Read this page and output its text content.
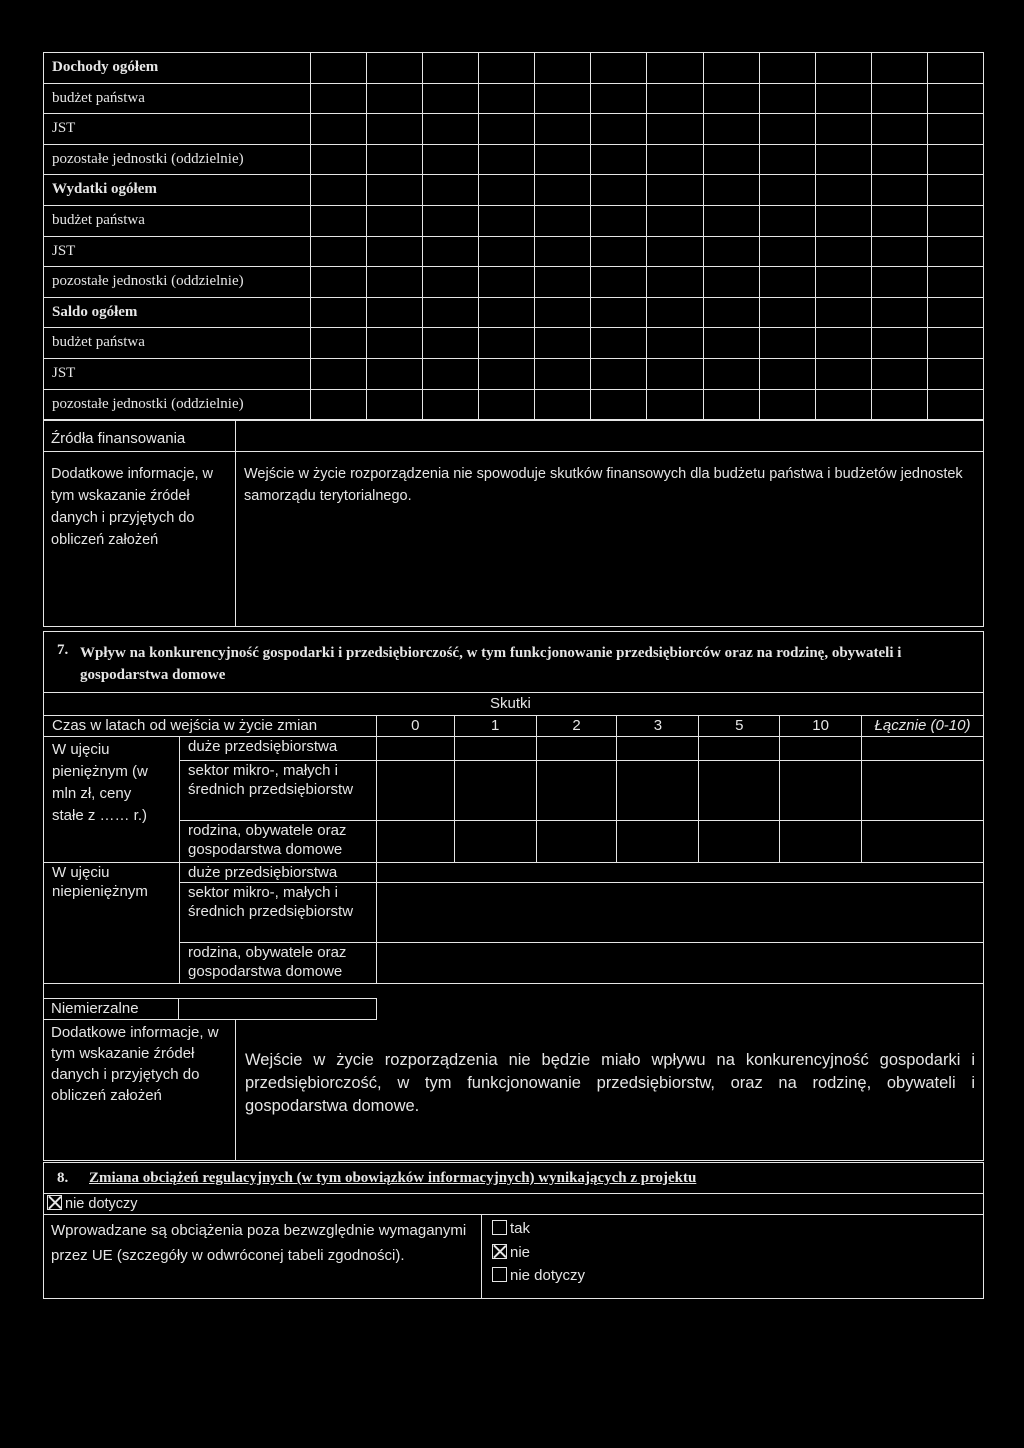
Dochody ogółem												
budżet państwa												
JST												
pozostałe jednostki (oddzielnie)												
Wydatki ogółem												
budżet państwa												
JST												
pozostałe jednostki (oddzielnie)												
Saldo ogółem												
budżet państwa												
JST												
pozostałe jednostki (oddzielnie)												
Źródła finansowania
Dodatkowe informacje, w tym wskazanie źródeł danych i przyjętych do obliczeń założeń
Wejście w życie rozporządzenia nie spowoduje skutków finansowych dla budżetu państwa i budżetów jednostek samorządu terytorialnego.
7. Wpływ na konkurencyjność gospodarki i przedsiębiorczość, w tym funkcjonowanie przedsiębiorców oraz na rodzinę, obywateli i gospodarstwa domowe
Skutki
Czas w latach od wejścia w życie zmian		0	1	2	3	5	10	Łącznie (0-10)

W ujęciu pieniężnym (w mln zł, ceny stałe z …… r.)	duże przedsiębiorstwa							
	sektor mikro-, małych i średnich przedsiębiorstw							
	rodzina, obywatele oraz gospodarstwa domowe							

W ujęciu niepieniężnym	duże przedsiębiorstwa							
	sektor mikro-, małych i średnich przedsiębiorstw							
	rodzina, obywatele oraz gospodarstwa domowe							
Niemierzalne
Dodatkowe informacje, w tym wskazanie źródeł danych i przyjętych do obliczeń założeń
Wejście w życie rozporządzenia nie będzie miało wpływu na konkurencyjność gospodarki i przedsiębiorczość, w tym funkcjonowanie przedsiębiorstw, oraz na rodzinę, obywateli i gospodarstwa domowe.
8. Zmiana obciążeń regulacyjnych (w tym obowiązków informacyjnych) wynikających z projektu
nie dotyczy
Wprowadzane są obciążenia poza bezwzględnie wymaganymi przez UE (szczegóły w odwróconej tabeli zgodności).
tak
nie
nie dotyczy
